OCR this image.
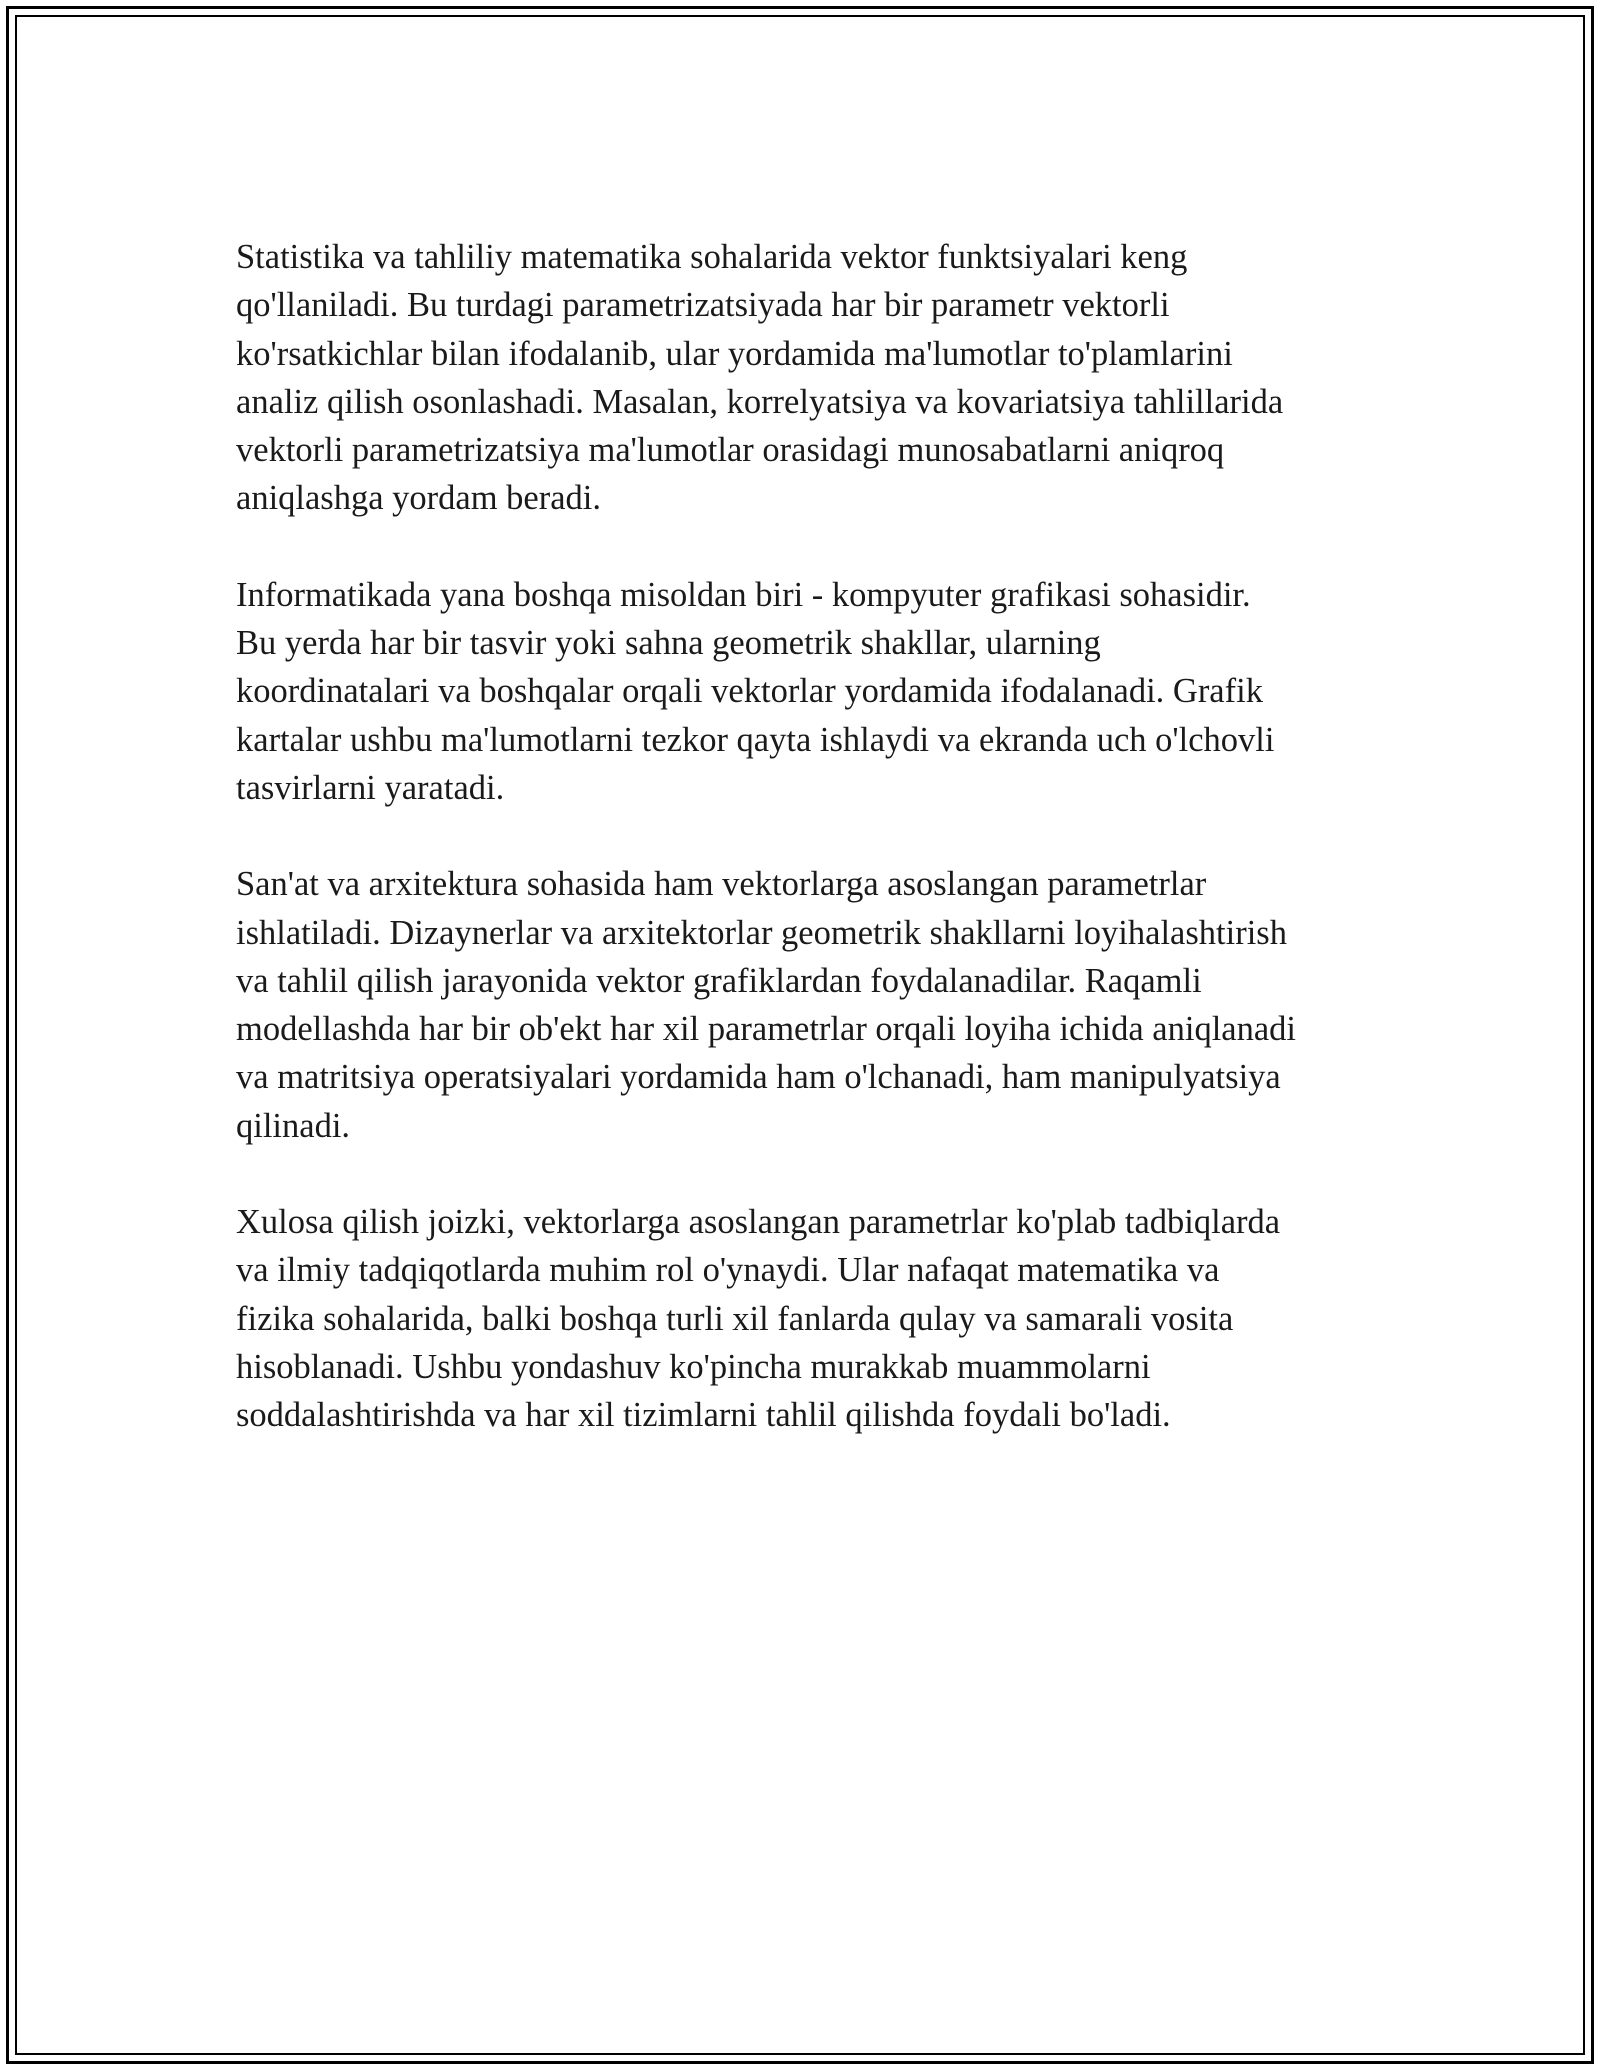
Statistika va tahliliy matematika sohalarida vektor funktsiyalari keng
qo'llaniladi. Bu turdagi parametrizatsiyada har bir parametr vektorli
ko'rsatkichlar bilan ifodalanib, ular yordamida ma'lumotlar to'plamlarini
analiz qilish osonlashadi. Masalan, korrelyatsiya va kovariatsiya tahlillarida
vektorli parametrizatsiya ma'lumotlar orasidagi munosabatlarni aniqroq
aniqlashga yordam beradi.

Informatikada yana boshqa misoldan biri - kompyuter grafikasi sohasidir.
Bu yerda har bir tasvir yoki sahna geometrik shakllar, ularning
koordinatalari va boshqalar orqali vektorlar yordamida ifodalanadi. Grafik
kartalar ushbu ma'lumotlarni tezkor qayta ishlaydi va ekranda uch o'lchovli
tasvirlarni yaratadi.

San'at va arxitektura sohasida ham vektorlarga asoslangan parametrlar
ishlatiladi. Dizaynerlar va arxitektorlar geometrik shakllarni loyihalashtirish
va tahlil qilish jarayonida vektor grafiklardan foydalanadilar. Raqamli
modellashda har bir ob'ekt har xil parametrlar orqali loyiha ichida aniqlanadi
va matritsiya operatsiyalari yordamida ham o'lchanadi, ham manipulyatsiya
qilinadi.

Xulosa qilish joizki, vektorlarga asoslangan parametrlar ko'plab tadbiqlarda
va ilmiy tadqiqotlarda muhim rol o'ynaydi. Ular nafaqat matematika va
fizika sohalarida, balki boshqa turli xil fanlarda qulay va samarali vosita
hisoblanadi. Ushbu yondashuv ko'pincha murakkab muammolarni
soddalashtirishda va har xil tizimlarni tahlil qilishda foydali bo'ladi.
